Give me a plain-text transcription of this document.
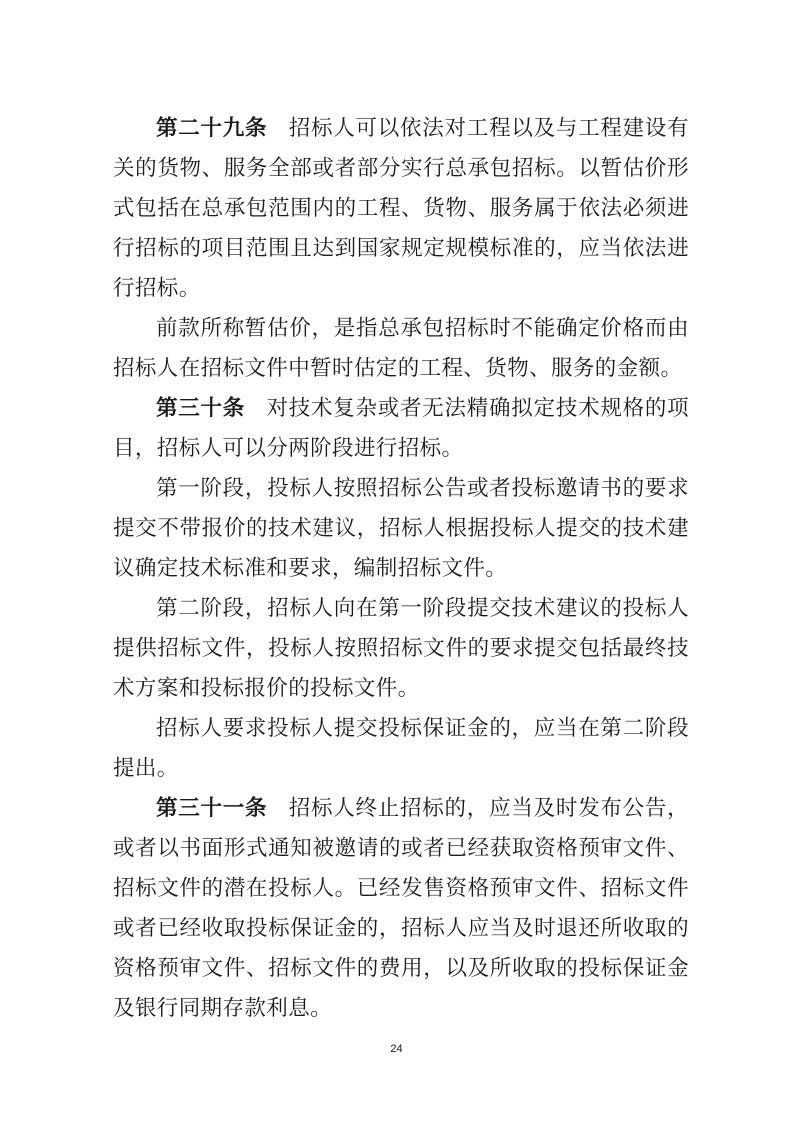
第二十九条 招标人可以依法对工程以及与工程建设有关的货物、服务全部或者部分实行总承包招标。以暂估价形式包括在总承包范围内的工程、货物、服务属于依法必须进行招标的项目范围且达到国家规定规模标准的，应当依法进行招标。

前款所称暂估价，是指总承包招标时不能确定价格而由招标人在招标文件中暂时估定的工程、货物、服务的金额。

第三十条 对技术复杂或者无法精确拟定技术规格的项目，招标人可以分两阶段进行招标。

第一阶段，投标人按照招标公告或者投标邀请书的要求提交不带报价的技术建议，招标人根据投标人提交的技术建议确定技术标准和要求，编制招标文件。

第二阶段，招标人向在第一阶段提交技术建议的投标人提供招标文件，投标人按照招标文件的要求提交包括最终技术方案和投标报价的投标文件。

招标人要求投标人提交投标保证金的，应当在第二阶段提出。

第三十一条 招标人终止招标的，应当及时发布公告，或者以书面形式通知被邀请的或者已经获取资格预审文件、招标文件的潜在投标人。已经发售资格预审文件、招标文件或者已经收取投标保证金的，招标人应当及时退还所收取的资格预审文件、招标文件的费用，以及所收取的投标保证金及银行同期存款利息。

24
